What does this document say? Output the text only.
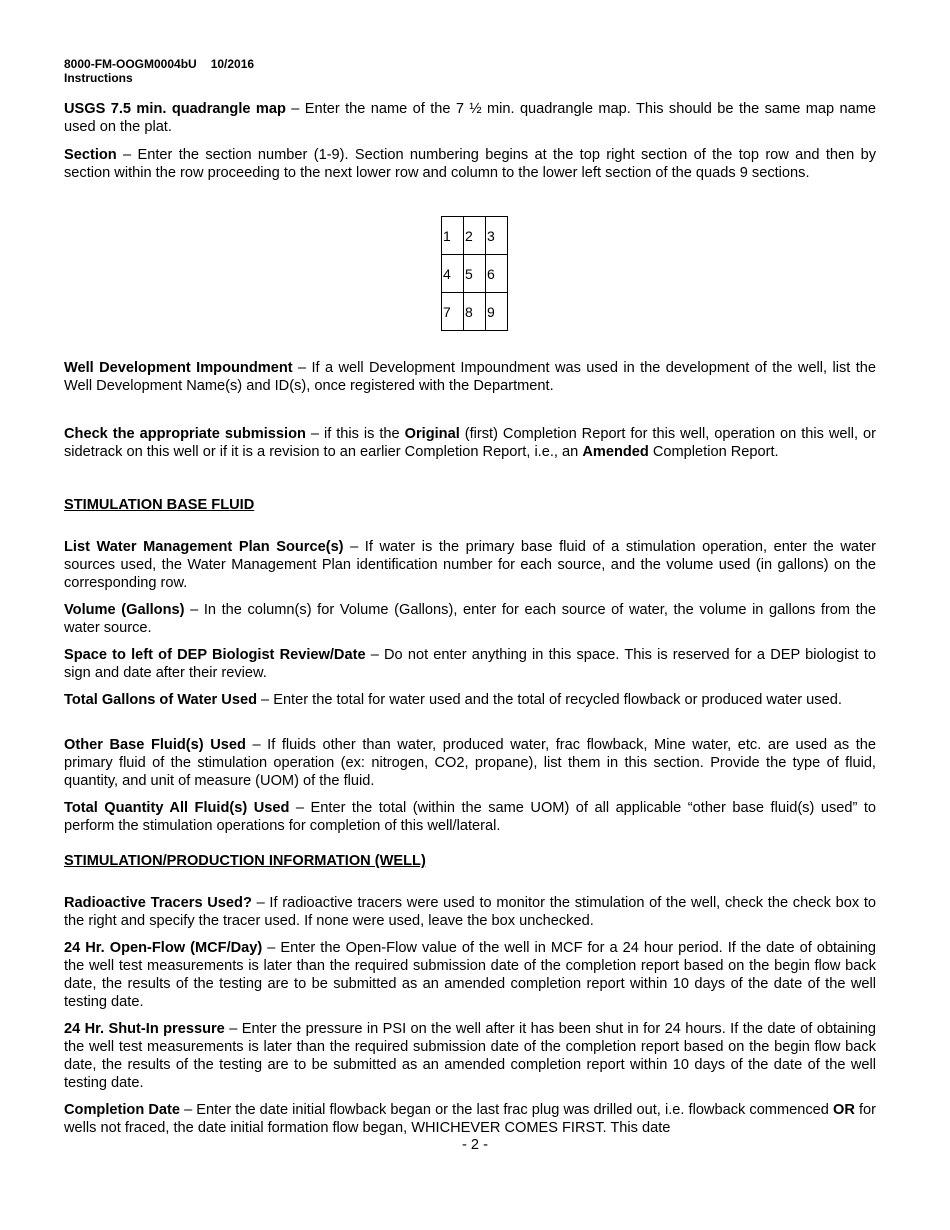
8000-FM-OOGM0004bU 10/2016
Instructions
USGS 7.5 min. quadrangle map – Enter the name of the 7 ½ min. quadrangle map. This should be the same map name used on the plat.
Section – Enter the section number (1-9). Section numbering begins at the top right section of the top row and then by section within the row proceeding to the next lower row and column to the lower left section of the quads 9 sections.
1	2	3
4	5	6
7	8	9
Well Development Impoundment – If a well Development Impoundment was used in the development of the well, list the Well Development Name(s) and ID(s), once registered with the Department.
Check the appropriate submission – if this is the Original (first) Completion Report for this well, operation on this well, or sidetrack on this well or if it is a revision to an earlier Completion Report, i.e., an Amended Completion Report.
STIMULATION BASE FLUID
List Water Management Plan Source(s) – If water is the primary base fluid of a stimulation operation, enter the water sources used, the Water Management Plan identification number for each source, and the volume used (in gallons) on the corresponding row.
Volume (Gallons) – In the column(s) for Volume (Gallons), enter for each source of water, the volume in gallons from the water source.
Space to left of DEP Biologist Review/Date – Do not enter anything in this space. This is reserved for a DEP biologist to sign and date after their review.
Total Gallons of Water Used – Enter the total for water used and the total of recycled flowback or produced water used.
Other Base Fluid(s) Used – If fluids other than water, produced water, frac flowback, Mine water, etc. are used as the primary fluid of the stimulation operation (ex: nitrogen, CO2, propane), list them in this section. Provide the type of fluid, quantity, and unit of measure (UOM) of the fluid.
Total Quantity All Fluid(s) Used – Enter the total (within the same UOM) of all applicable “other base fluid(s) used” to perform the stimulation operations for completion of this well/lateral.
STIMULATION/PRODUCTION INFORMATION (WELL)
Radioactive Tracers Used? – If radioactive tracers were used to monitor the stimulation of the well, check the check box to the right and specify the tracer used. If none were used, leave the box unchecked.
24 Hr. Open-Flow (MCF/Day) – Enter the Open-Flow value of the well in MCF for a 24 hour period. If the date of obtaining the well test measurements is later than the required submission date of the completion report based on the begin flow back date, the results of the testing are to be submitted as an amended completion report within 10 days of the date of the well testing date.
24 Hr. Shut-In pressure – Enter the pressure in PSI on the well after it has been shut in for 24 hours. If the date of obtaining the well test measurements is later than the required submission date of the completion report based on the begin flow back date, the results of the testing are to be submitted as an amended completion report within 10 days of the date of the well testing date.
Completion Date – Enter the date initial flowback began or the last frac plug was drilled out, i.e. flowback commenced OR for wells not fraced, the date initial formation flow began, WHICHEVER COMES FIRST. This date
- 2 -
